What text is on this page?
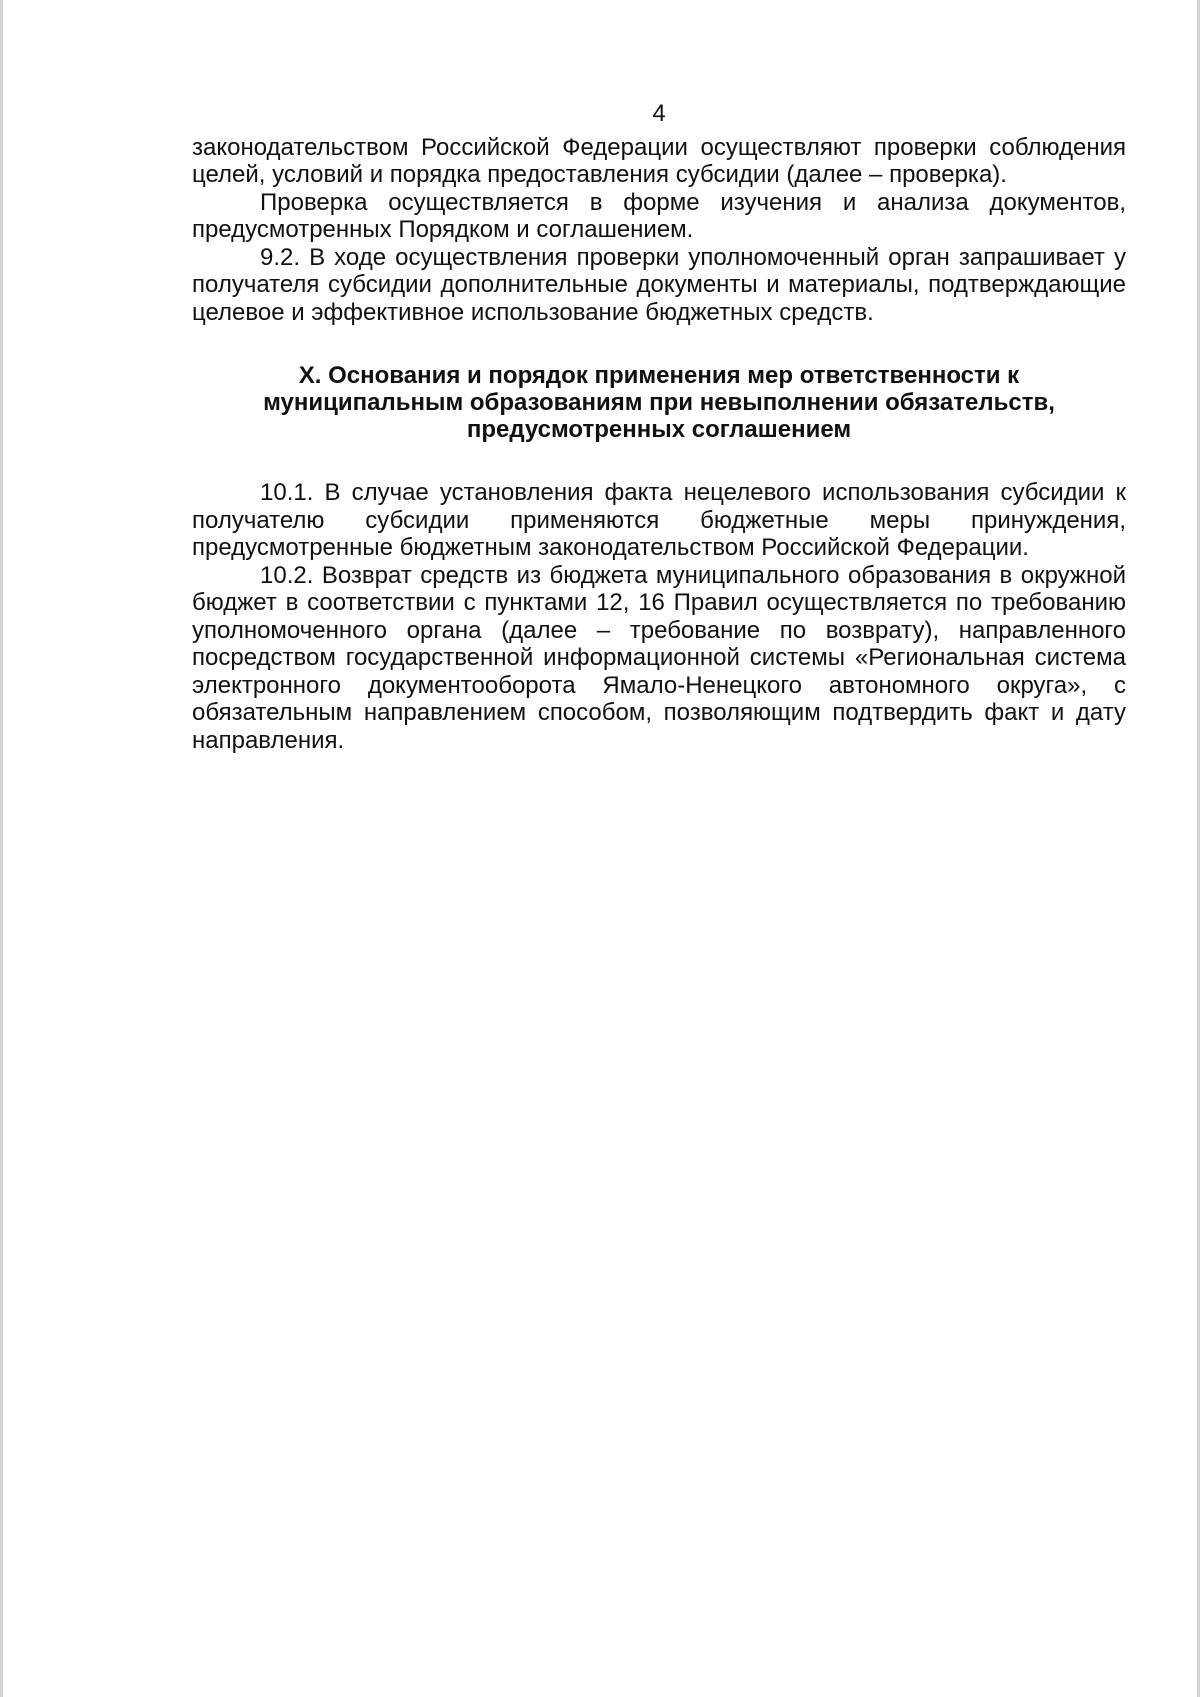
4

законодательством Российской Федерации осуществляют проверки соблюдения целей, условий и порядка предоставления субсидии (далее – проверка).

Проверка осуществляется в форме изучения и анализа документов, предусмотренных Порядком и соглашением.

9.2. В ходе осуществления проверки уполномоченный орган запрашивает у получателя субсидии дополнительные документы и материалы, подтверждающие целевое и эффективное использование бюджетных средств.

X. Основания и порядок применения мер ответственности к
муниципальным образованиям при невыполнении обязательств,
предусмотренных соглашением

10.1. В случае установления факта нецелевого использования субсидии к получателю субсидии применяются бюджетные меры принуждения, предусмотренные бюджетным законодательством Российской Федерации.

10.2. Возврат средств из бюджета муниципального образования в окружной бюджет в соответствии с пунктами 12, 16 Правил осуществляется по требованию уполномоченного органа (далее – требование по возврату), направленного посредством государственной информационной системы «Региональная система электронного документооборота Ямало-Ненецкого автономного округа», с обязательным направлением способом, позволяющим подтвердить факт и дату направления.
